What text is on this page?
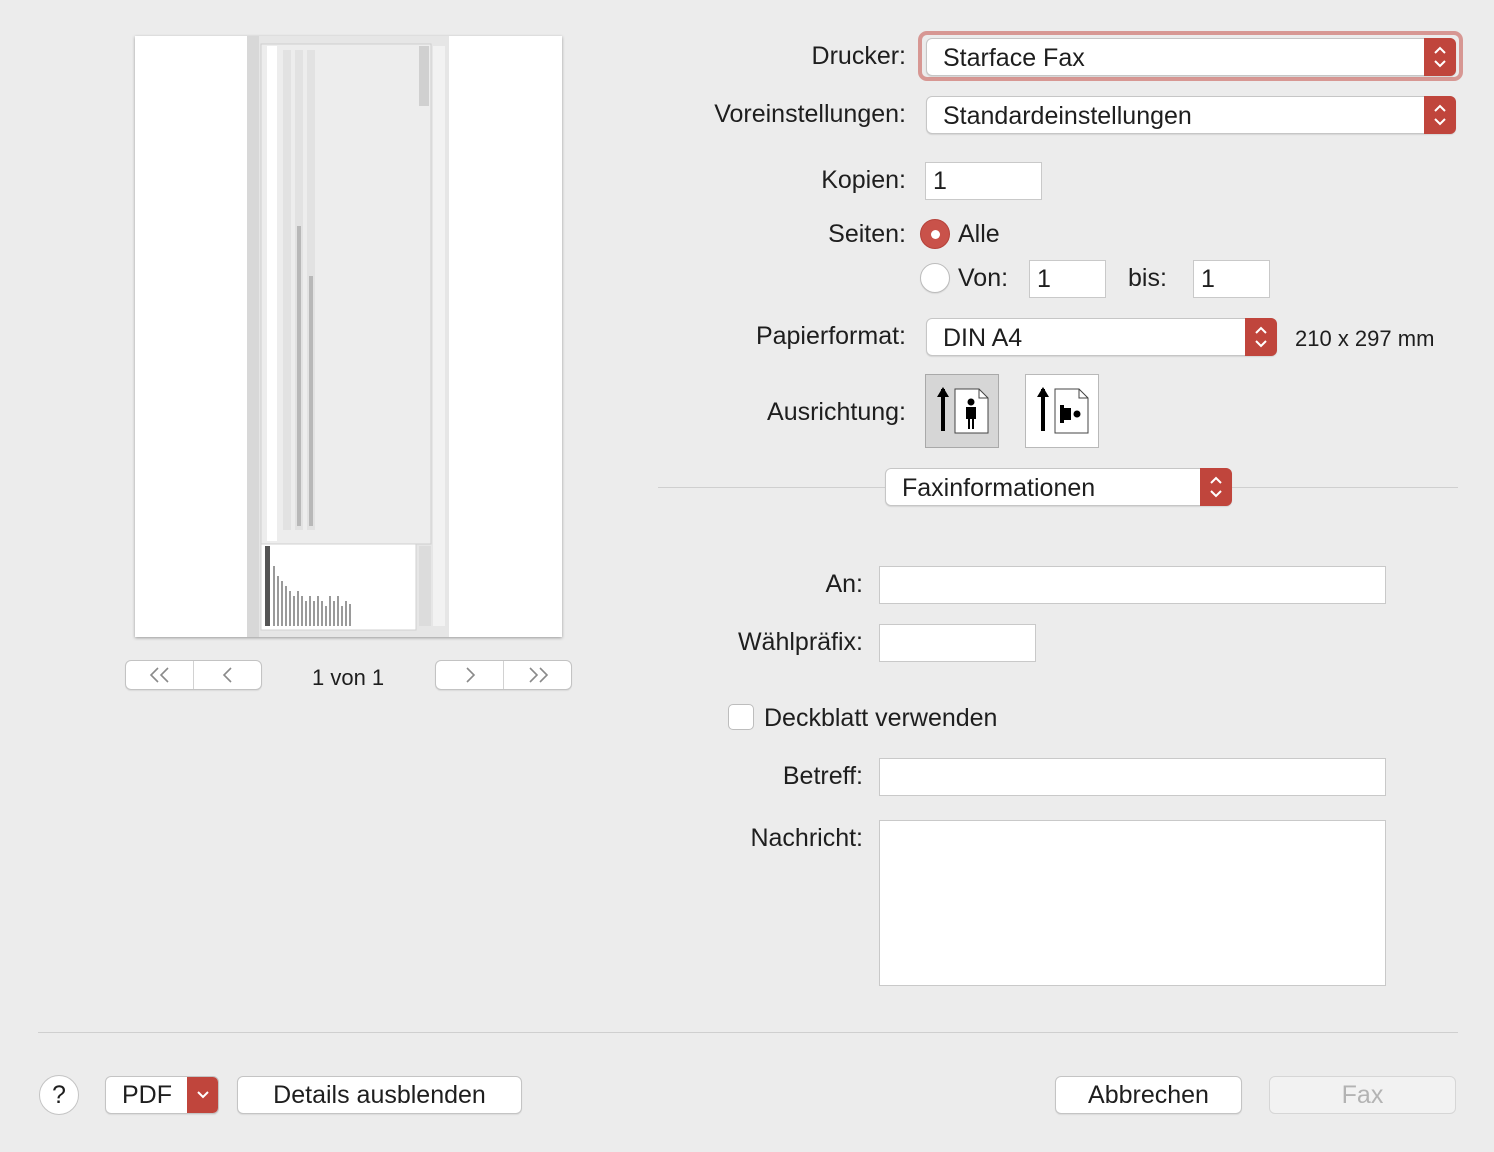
1 von 1
Drucker: Starface Fax
Voreinstellungen: Standardeinstellungen
Kopien:	1
Seiten: Alle
Von:	1	bis:	1
Papierformat: DIN A4	210 x 297 mm
Ausrichtung:
Faxinformationen
An:
Wählpräfix:
Deckblatt verwenden
Betreff:
Nachricht:
?	PDF	Details ausblenden	Abbrechen	Fax
